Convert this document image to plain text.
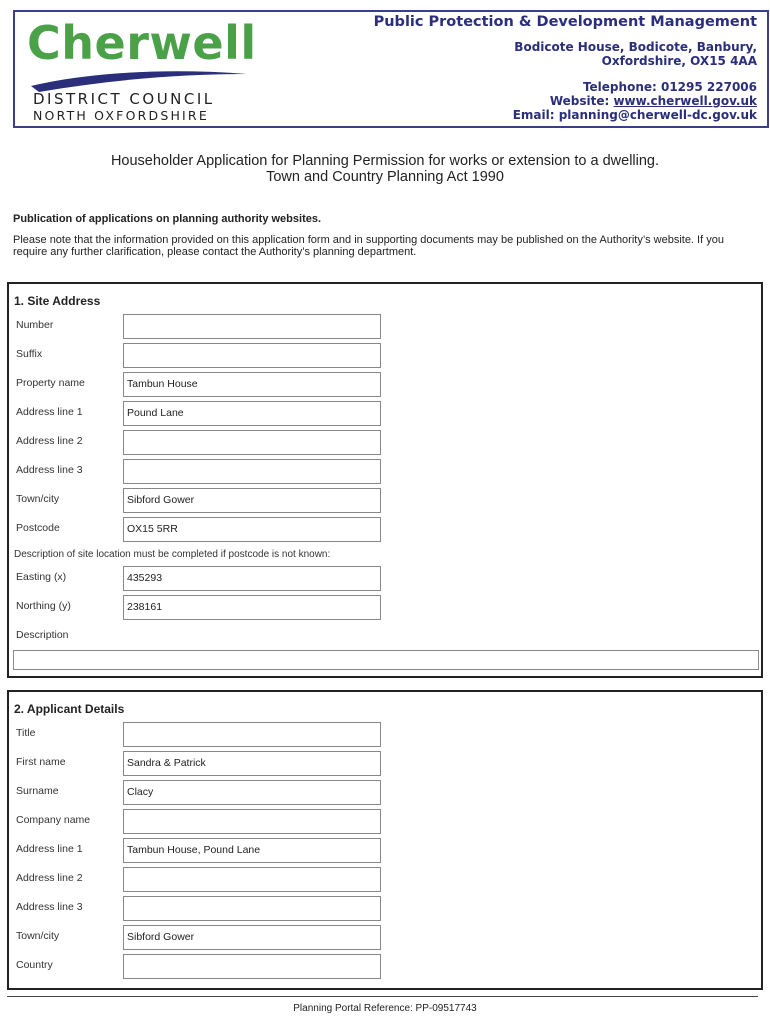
Cherwell
DISTRICT COUNCIL
NORTH OXFORDSHIRE
Public Protection & Development Management
Bodicote House, Bodicote, Banbury,
Oxfordshire, OX15 4AA
Telephone: 01295 227006
Website: www.cherwell.gov.uk
Email: planning@cherwell-dc.gov.uk
Householder Application for Planning Permission for works or extension to a dwelling.
Town and Country Planning Act 1990
Publication of applications on planning authority websites.
Please note that the information provided on this application form and in supporting documents may be published on the Authority’s website. If you require any further clarification, please contact the Authority’s planning department.
1. Site Address
Number
Suffix
Property name	Tambun House
Address line 1	Pound Lane
Address line 2
Address line 3
Town/city	Sibford Gower
Postcode	OX15 5RR
Description of site location must be completed if postcode is not known:
Easting (x)	435293
Northing (y)	238161
Description
2. Applicant Details
Title
First name	Sandra & Patrick
Surname	Clacy
Company name
Address line 1	Tambun House, Pound Lane
Address line 2
Address line 3
Town/city	Sibford Gower
Country
Planning Portal Reference: PP-09517743
